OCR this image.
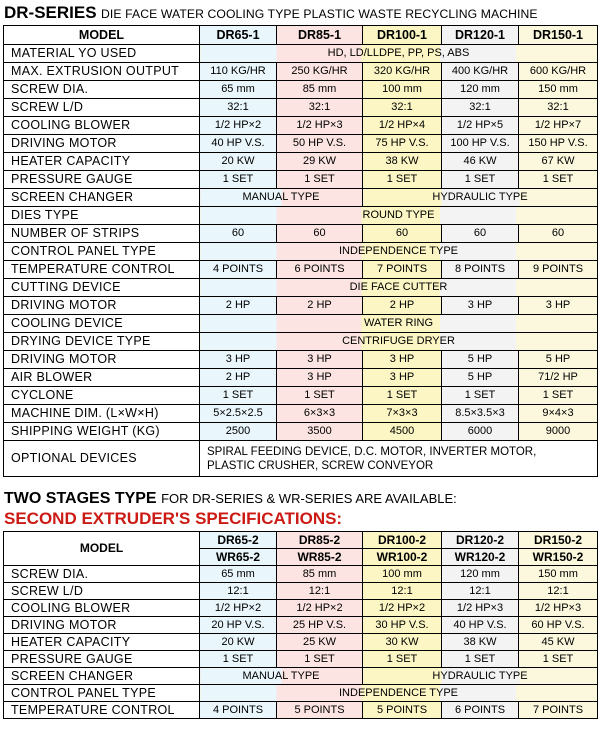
DR-SERIES DIE FACE WATER COOLING TYPE PLASTIC WASTE RECYCLING MACHINE
MODEL	DR65-1	DR85-1	DR100-1	DR120-1	DR150-1
MATERIAL YO USED	HD, LD/LLDPE, PP, PS, ABS				
MAX. EXTRUSION OUTPUT	110 KG/HR	250 KG/HR	320 KG/HR	400 KG/HR	600 KG/HR
SCREW DIA.	65 mm	85 mm	100 mm	120 mm	150 mm
SCREW L/D	32:1	32:1	32:1	32:1	32:1
COOLING BLOWER	1/2 HP×2	1/2 HP×3	1/2 HP×4	1/2 HP×5	1/2 HP×7
DRIVING MOTOR	40 HP V.S.	50 HP V.S.	75 HP V.S.	100 HP V.S.	150 HP V.S.
HEATER CAPACITY	20 KW	29 KW	38 KW	46 KW	67 KW
PRESSURE GAUGE	1 SET	1 SET	1 SET	1 SET	1 SET
SCREEN CHANGER	MANUAL TYPE		HYDRAULIC TYPE		
DIES TYPE	ROUND TYPE				
NUMBER OF STRIPS	60	60	60	60	60
CONTROL PANEL TYPE	INDEPENDENCE TYPE				
TEMPERATURE CONTROL	4 POINTS	6 POINTS	7 POINTS	8 POINTS	9 POINTS
CUTTING DEVICE	DIE FACE CUTTER				
DRIVING MOTOR	2 HP	2 HP	2 HP	3 HP	3 HP
COOLING DEVICE	WATER RING				
DRYING DEVICE TYPE	CENTRIFUGE DRYER				
DRIVING MOTOR	3 HP	3 HP	3 HP	5 HP	5 HP
AIR BLOWER	2 HP	3 HP	3 HP	5 HP	71/2 HP
CYCLONE	1 SET	1 SET	1 SET	1 SET	1 SET
MACHINE DIM. (L×W×H)	5×2.5×2.5	6×3×3	7×3×3	8.5×3.5×3	9×4×3
SHIPPING WEIGHT (KG)	2500	3500	4500	6000	9000
OPTIONAL DEVICES	SPIRAL FEEDING DEVICE, D.C. MOTOR, INVERTER MOTOR,
PLASTIC CRUSHER, SCREW CONVEYOR				
TWO STAGES TYPE FOR DR-SERIES & WR-SERIES ARE AVAILABLE:
SECOND EXTRUDER'S SPECIFICATIONS:
MODEL	DR65-2	DR85-2	DR100-2	DR120-2	DR150-2
	WR65-2	WR85-2	WR100-2	WR120-2	WR150-2
SCREW DIA.	65 mm	85 mm	100 mm	120 mm	150 mm
SCREW L/D	12:1	12:1	12:1	12:1	12:1
COOLING BLOWER	1/2 HP×2	1/2 HP×2	1/2 HP×2	1/2 HP×3	1/2 HP×3
DRIVING MOTOR	20 HP V.S.	25 HP V.S.	30 HP V.S.	40 HP V.S.	60 HP V.S.
HEATER CAPACITY	20 KW	25 KW	30 KW	38 KW	45 KW
PRESSURE GAUGE	1 SET	1 SET	1 SET	1 SET	1 SET
SCREEN CHANGER	MANUAL TYPE		HYDRAULIC TYPE		
CONTROL PANEL TYPE	INDEPENDENCE TYPE				
TEMPERATURE CONTROL	4 POINTS	5 POINTS	5 POINTS	6 POINTS	7 POINTS
